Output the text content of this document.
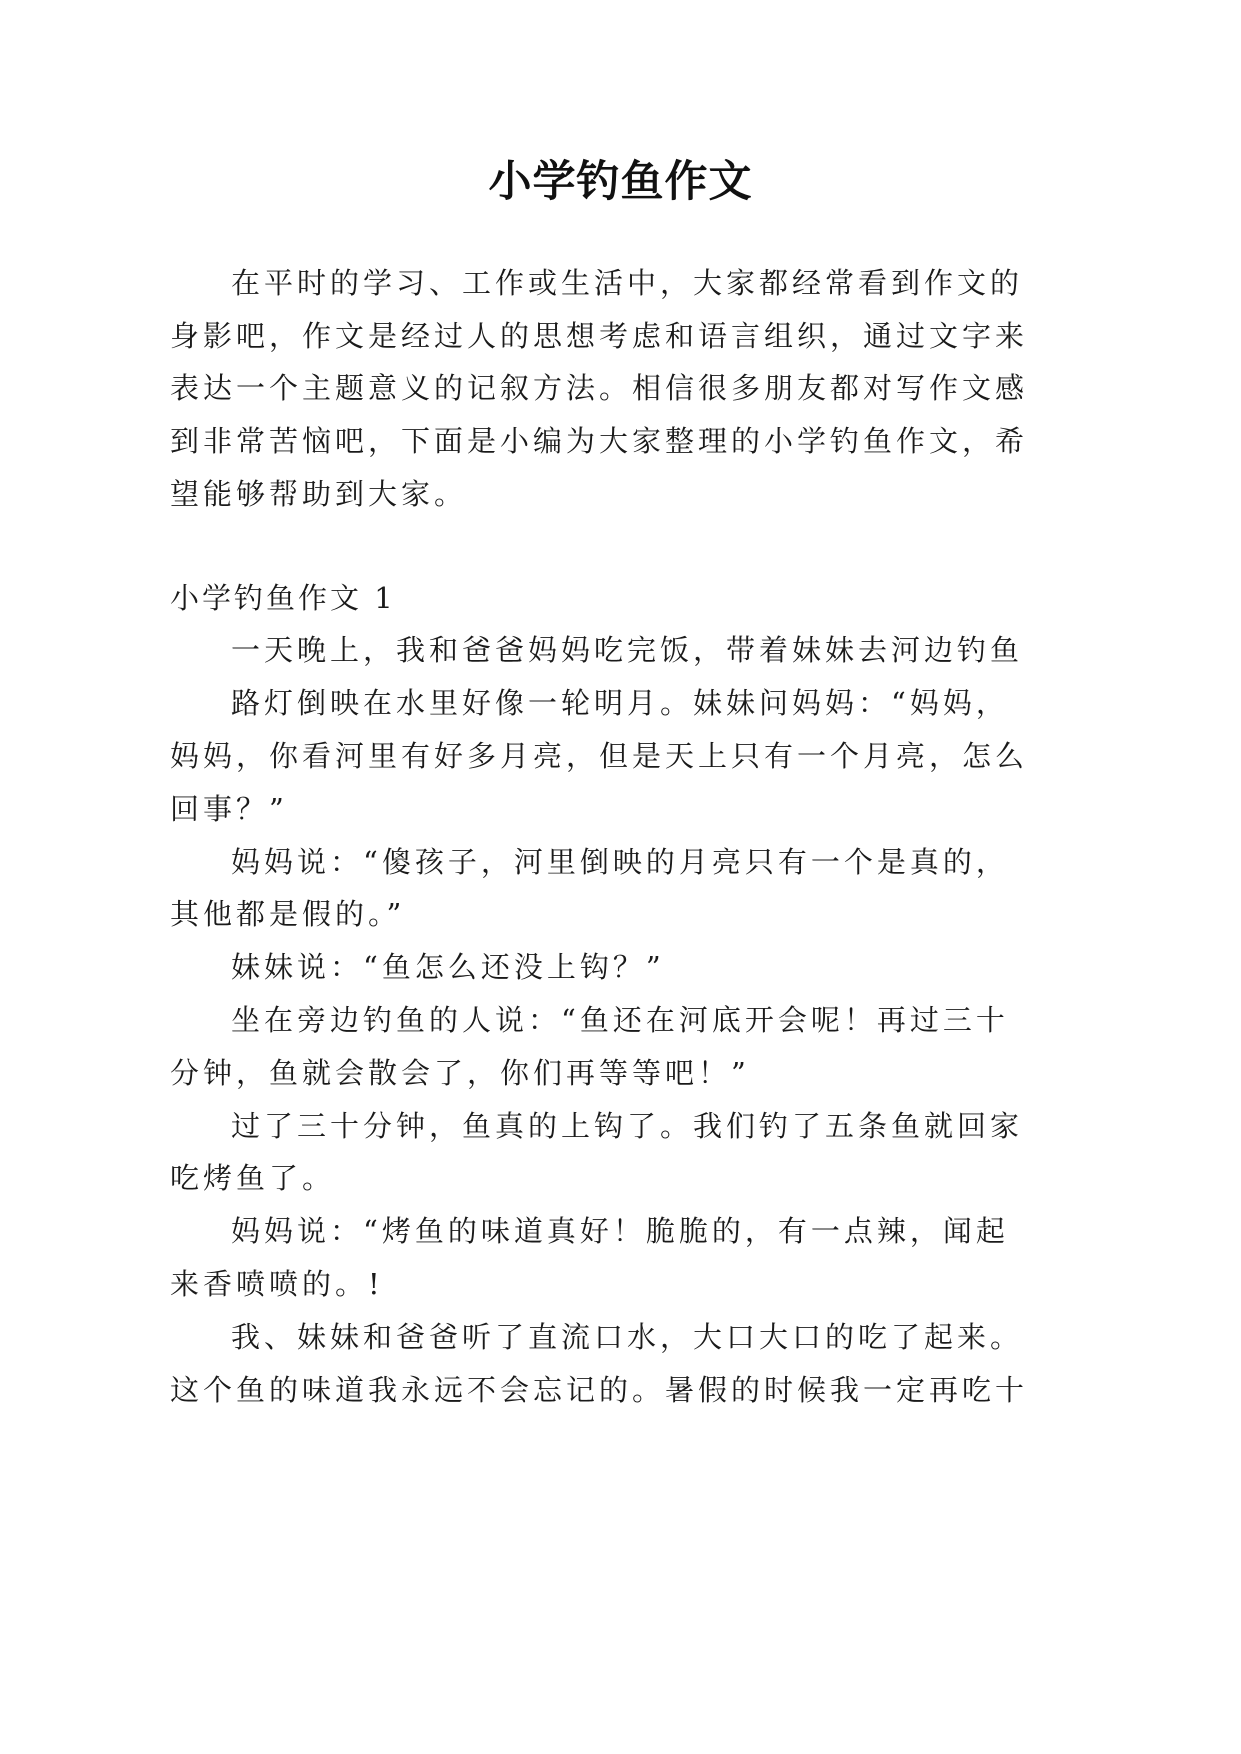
小学钓鱼作文

在平时的学习、工作或生活中，大家都经常看到作文的

身影吧，作文是经过人的思想考虑和语言组织，通过文字来

表达一个主题意义的记叙方法。相信很多朋友都对写作文感

到非常苦恼吧，下面是小编为大家整理的小学钓鱼作文，希

望能够帮助到大家。

小学钓鱼作文 1

一天晚上，我和爸爸妈妈吃完饭，带着妹妹去河边钓鱼

路灯倒映在水里好像一轮明月。妹妹问妈妈：“妈妈，

妈妈，你看河里有好多月亮，但是天上只有一个月亮，怎么

回事？”

妈妈说：“傻孩子，河里倒映的月亮只有一个是真的，

其他都是假的。”

妹妹说：“鱼怎么还没上钩？”

坐在旁边钓鱼的人说：“鱼还在河底开会呢！再过三十

分钟，鱼就会散会了，你们再等等吧！”

过了三十分钟，鱼真的上钩了。我们钓了五条鱼就回家

吃烤鱼了。

妈妈说：“烤鱼的味道真好！脆脆的，有一点辣，闻起

来香喷喷的。!

我、妹妹和爸爸听了直流口水，大口大口的吃了起来。

这个鱼的味道我永远不会忘记的。暑假的时候我一定再吃十
